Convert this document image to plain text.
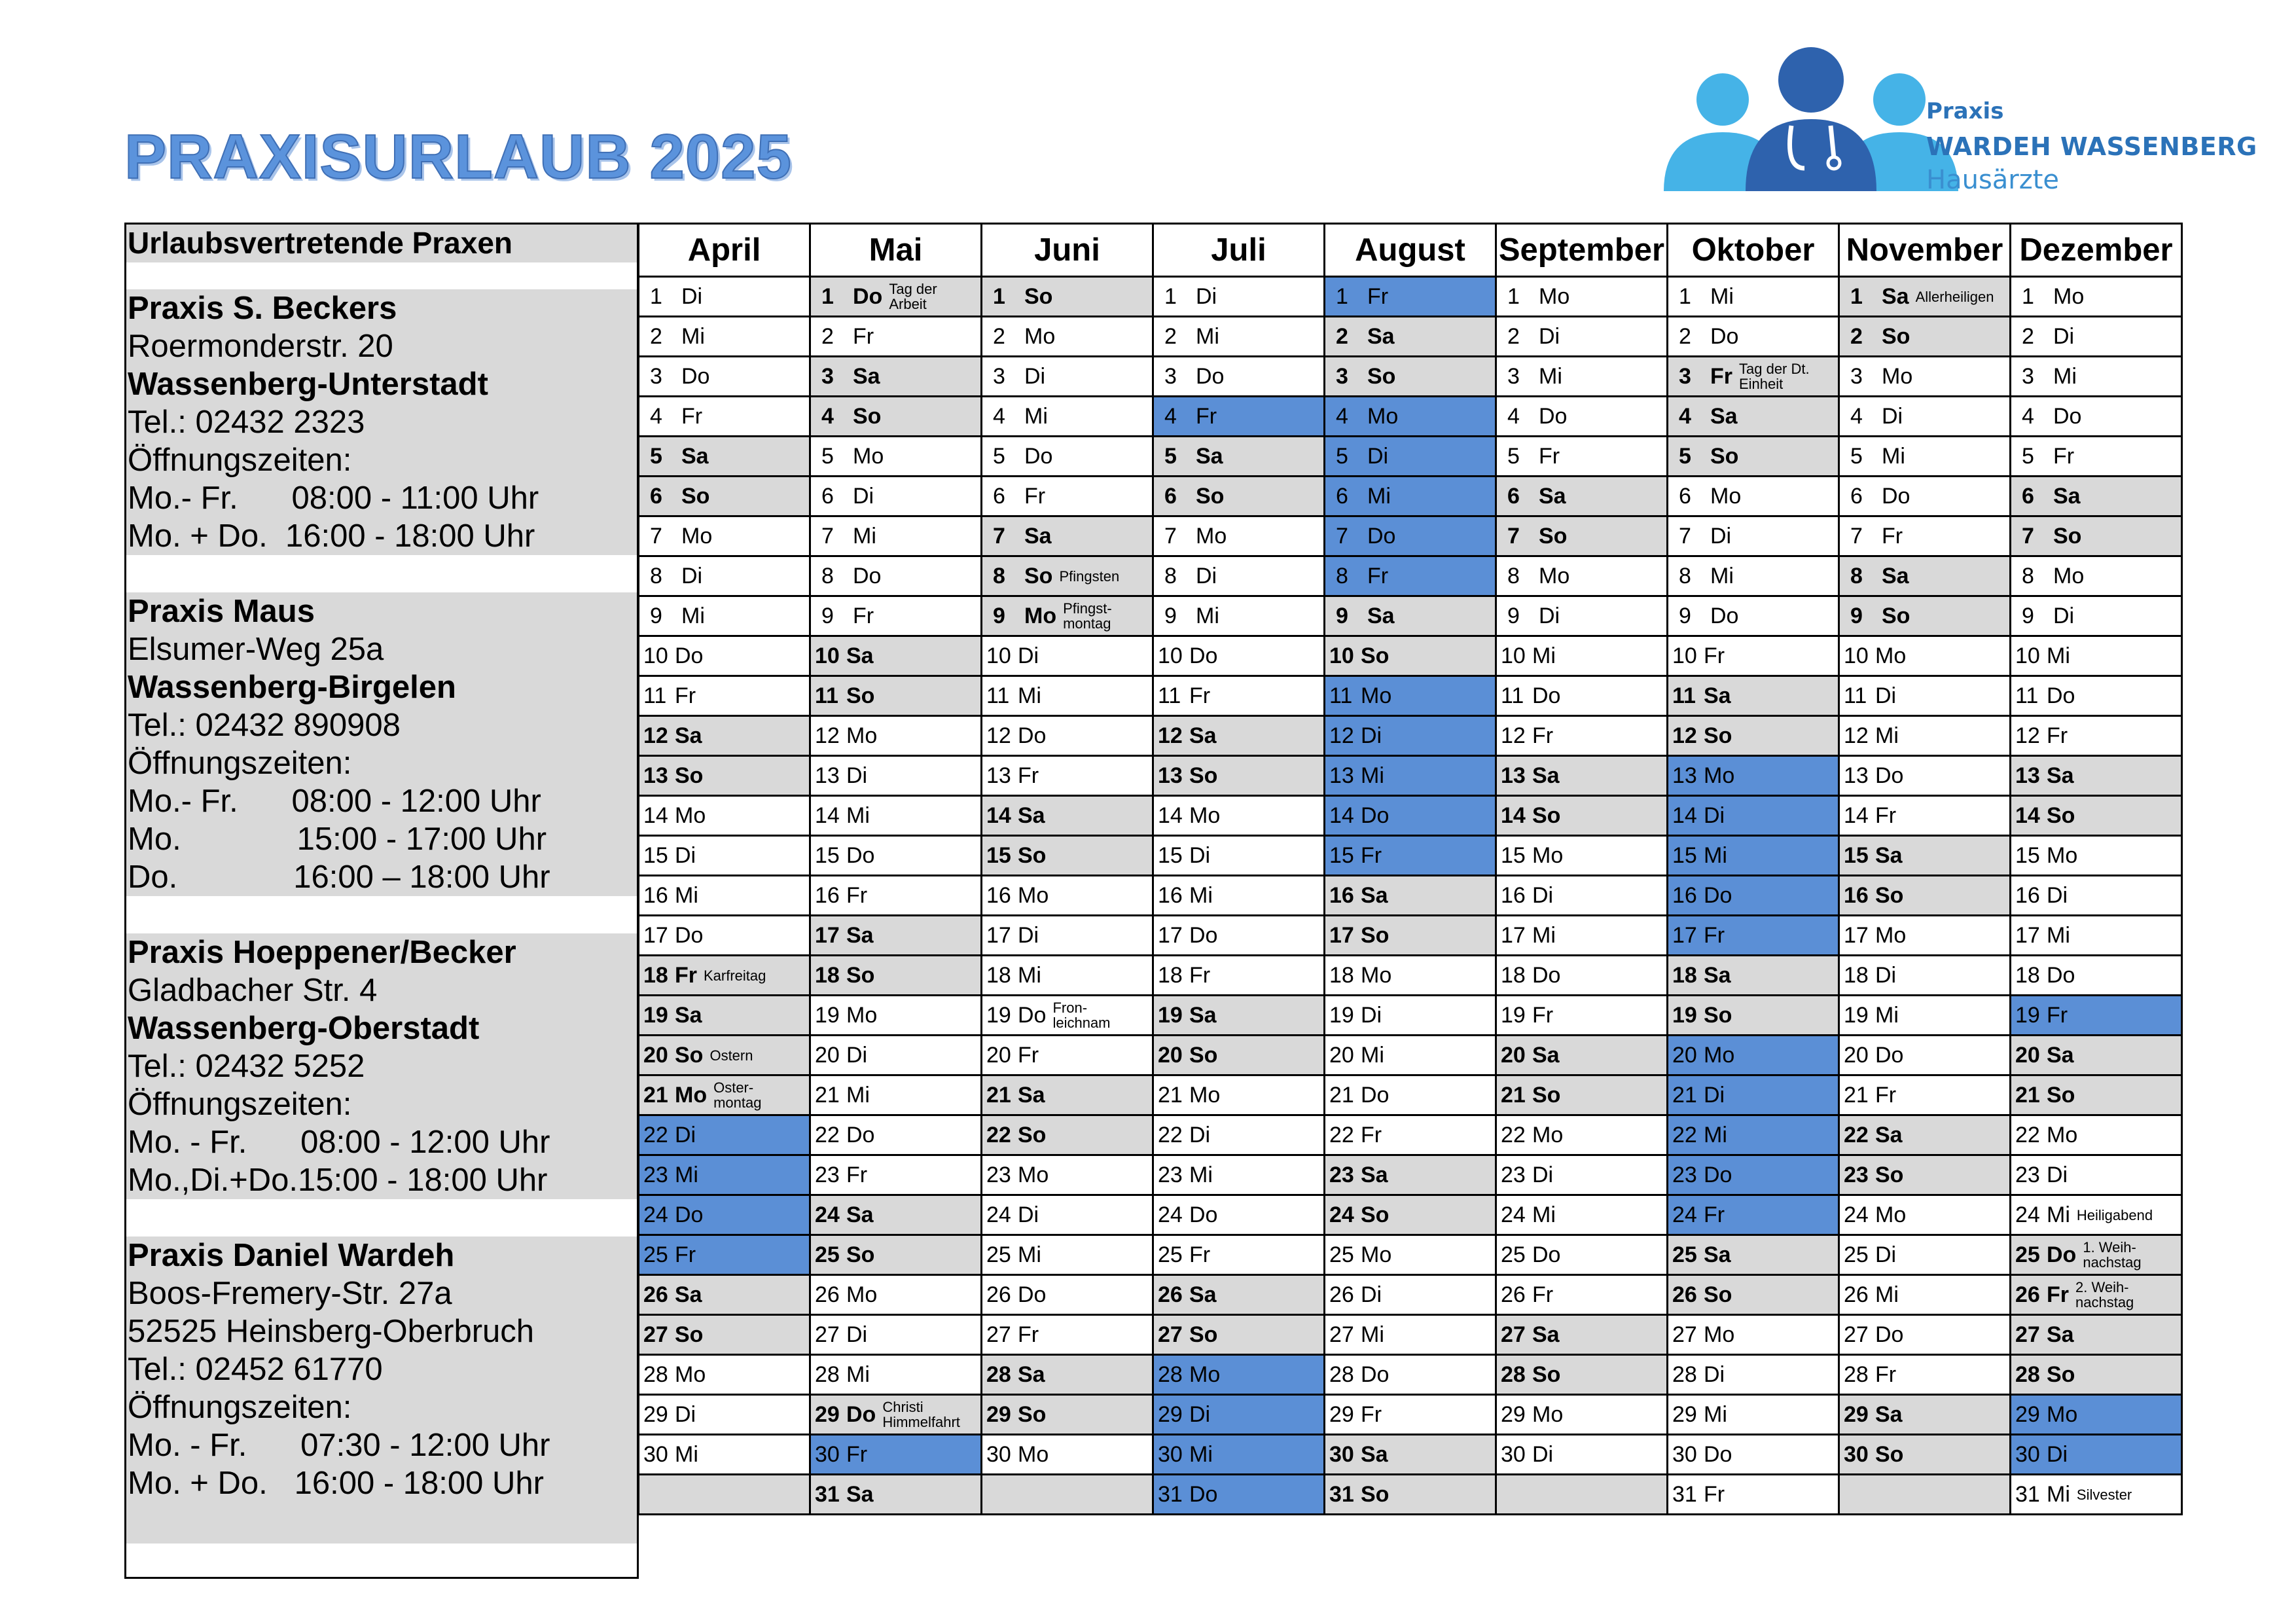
PRAXISURLAUB 2025
Praxis
WARDEH WASSENBERG
Hausärzte
Urlaubsvertretende Praxen
Praxis S. Beckers
Roermonderstr. 20
Wassenberg-Unterstadt
Tel.: 02432 2323
Öffnungszeiten:
Mo.- Fr.      08:00 - 11:00 Uhr
Mo. + Do.  16:00 - 18:00 Uhr
Praxis Maus
Elsumer-Weg 25a
Wassenberg-Birgelen
Tel.: 02432 890908
Öffnungszeiten:
Mo.- Fr.      08:00 - 12:00 Uhr
Mo.             15:00 - 17:00 Uhr
Do.             16:00 – 18:00 Uhr
Praxis Hoeppener/Becker
Gladbacher Str. 4
Wassenberg-Oberstadt
Tel.: 02432 5252
Öffnungszeiten:
Mo. - Fr.      08:00 - 12:00 Uhr
Mo.,Di.+Do.15:00 - 18:00 Uhr
Praxis Daniel Wardeh
Boos-Fremery-Str. 27a
52525 Heinsberg-Oberbruch
Tel.: 02452 61770
Öffnungszeiten:
Mo. - Fr.      07:30 - 12:00 Uhr
Mo. + Do.   16:00 - 18:00 Uhr
April	Mai	Juni	Juli	August	September	Oktober	November	Dezember

1 Di	1 Do Tag der
Arbeit	1 So	1 Di	1 Fr	1 Mo	1 Mi	1 Sa Allerheiligen	1 Mo

2 Mi	2 Fr	2 Mo	2 Mi	2 Sa	2 Di	2 Do	2 So	2 Di

3 Do	3 Sa	3 Di	3 Do	3 So	3 Mi	3 Fr Tag der Dt.
Einheit	3 Mo	3 Mi

4 Fr	4 So	4 Mi	4 Fr	4 Mo	4 Do	4 Sa	4 Di	4 Do

5 Sa	5 Mo	5 Do	5 Sa	5 Di	5 Fr	5 So	5 Mi	5 Fr

6 So	6 Di	6 Fr	6 So	6 Mi	6 Sa	6 Mo	6 Do	6 Sa

7 Mo	7 Mi	7 Sa	7 Mo	7 Do	7 So	7 Di	7 Fr	7 So

8 Di	8 Do	8 So Pfingsten	8 Di	8 Fr	8 Mo	8 Mi	8 Sa	8 Mo

9 Mi	9 Fr	9 Mo Pfingst-
montag	9 Mi	9 Sa	9 Di	9 Do	9 So	9 Di

10 Do	10 Sa	10 Di	10 Do	10 So	10 Mi	10 Fr	10 Mo	10 Mi

11 Fr	11 So	11 Mi	11 Fr	11 Mo	11 Do	11 Sa	11 Di	11 Do

12 Sa	12 Mo	12 Do	12 Sa	12 Di	12 Fr	12 So	12 Mi	12 Fr

13 So	13 Di	13 Fr	13 So	13 Mi	13 Sa	13 Mo	13 Do	13 Sa

14 Mo	14 Mi	14 Sa	14 Mo	14 Do	14 So	14 Di	14 Fr	14 So

15 Di	15 Do	15 So	15 Di	15 Fr	15 Mo	15 Mi	15 Sa	15 Mo

16 Mi	16 Fr	16 Mo	16 Mi	16 Sa	16 Di	16 Do	16 So	16 Di

17 Do	17 Sa	17 Di	17 Do	17 So	17 Mi	17 Fr	17 Mo	17 Mi

18 Fr Karfreitag	18 So	18 Mi	18 Fr	18 Mo	18 Do	18 Sa	18 Di	18 Do

19 Sa	19 Mo	19 Do Fron-
leichnam	19 Sa	19 Di	19 Fr	19 So	19 Mi	19 Fr

20 So Ostern	20 Di	20 Fr	20 So	20 Mi	20 Sa	20 Mo	20 Do	20 Sa

21 Mo Oster-
montag	21 Mi	21 Sa	21 Mo	21 Do	21 So	21 Di	21 Fr	21 So

22 Di	22 Do	22 So	22 Di	22 Fr	22 Mo	22 Mi	22 Sa	22 Mo

23 Mi	23 Fr	23 Mo	23 Mi	23 Sa	23 Di	23 Do	23 So	23 Di

24 Do	24 Sa	24 Di	24 Do	24 So	24 Mi	24 Fr	24 Mo	24 Mi Heiligabend

25 Fr	25 So	25 Mi	25 Fr	25 Mo	25 Do	25 Sa	25 Di	25 Do 1. Weih-
nachstag

26 Sa	26 Mo	26 Do	26 Sa	26 Di	26 Fr	26 So	26 Mi	26 Fr 2. Weih-
nachstag

27 So	27 Di	27 Fr	27 So	27 Mi	27 Sa	27 Mo	27 Do	27 Sa

28 Mo	28 Mi	28 Sa	28 Mo	28 Do	28 So	28 Di	28 Fr	28 So

29 Di	29 Do Christi
Himmelfahrt	29 So	29 Di	29 Fr	29 Mo	29 Mi	29 Sa	29 Mo

30 Mi	30 Fr	30 Mo	30 Mi	30 Sa	30 Di	30 Do	30 So	30 Di

	31 Sa		31 Do	31 So		31 Fr		31 Mi Silvester
